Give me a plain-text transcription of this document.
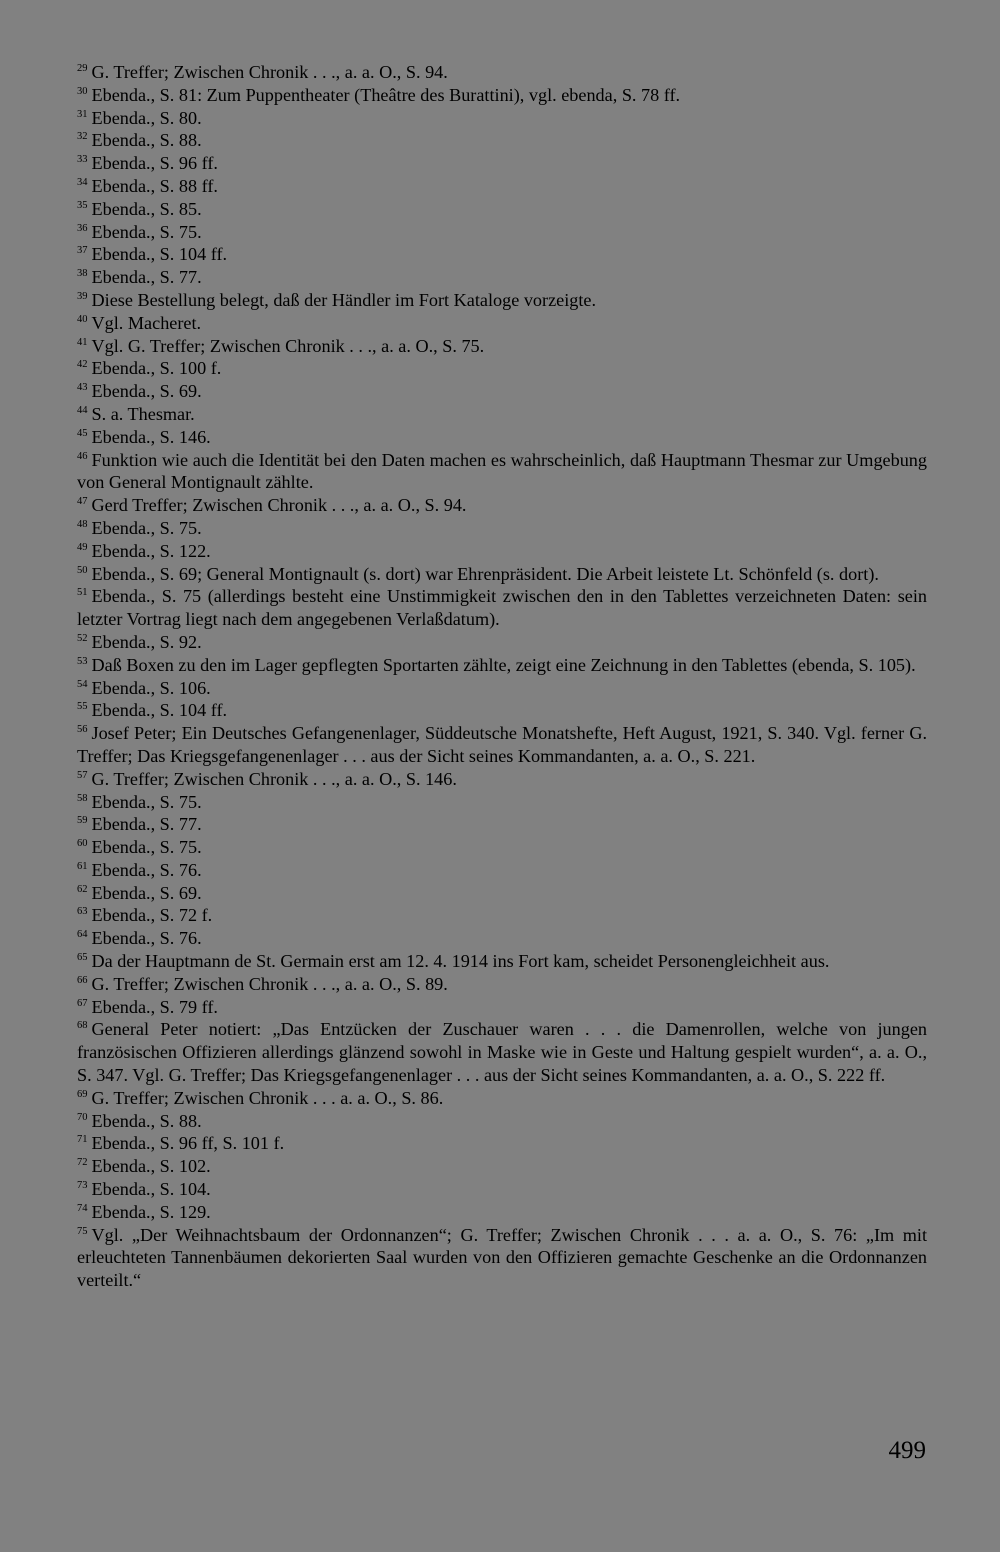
$^{29}$ G. Treffer; Zwischen Chronik . . ., a. a. O., S. 94.

$^{30}$ Ebenda., S. 81: Zum Puppentheater (Theâtre des Burattini), vgl. ebenda, S. 78 ff.

$^{31}$ Ebenda., S. 80.

$^{32}$ Ebenda., S. 88.

$^{33}$ Ebenda., S. 96 ff.

$^{34}$ Ebenda., S. 88 ff.

$^{35}$ Ebenda., S. 85.

$^{36}$ Ebenda., S. 75.

$^{37}$ Ebenda., S. 104 ff.

$^{38}$ Ebenda., S. 77.

$^{39}$ Diese Bestellung belegt, daß der Händler im Fort Kataloge vorzeigte.

$^{40}$ Vgl. Macheret.

$^{41}$ Vgl. G. Treffer; Zwischen Chronik . . ., a. a. O., S. 75.

$^{42}$ Ebenda., S. 100 f.

$^{43}$ Ebenda., S. 69.

$^{44}$ S. a. Thesmar.

$^{45}$ Ebenda., S. 146.

$^{46}$ Funktion wie auch die Identität bei den Daten machen es wahrscheinlich, daß Hauptmann Thesmar zur Umgebung von General Montignault zählte.

$^{47}$ Gerd Treffer; Zwischen Chronik . . ., a. a. O., S. 94.

$^{48}$ Ebenda., S. 75.

$^{49}$ Ebenda., S. 122.

$^{50}$ Ebenda., S. 69; General Montignault (s. dort) war Ehrenpräsident. Die Arbeit leistete Lt. Schönfeld (s. dort).

$^{51}$ Ebenda., S. 75 (allerdings besteht eine Unstimmigkeit zwischen den in den Tablettes verzeichneten Daten: sein letzter Vortrag liegt nach dem angegebenen Verlaßdatum).

$^{52}$ Ebenda., S. 92.

$^{53}$ Daß Boxen zu den im Lager gepflegten Sportarten zählte, zeigt eine Zeichnung in den Tablettes (ebenda, S. 105).

$^{54}$ Ebenda., S. 106.

$^{55}$ Ebenda., S. 104 ff.

$^{56}$ Josef Peter; Ein Deutsches Gefangenenlager, Süddeutsche Monatshefte, Heft August, 1921, S. 340. Vgl. ferner G. Treffer; Das Kriegsgefangenenlager . . . aus der Sicht seines Kommandanten, a. a. O., S. 221.

$^{57}$ G. Treffer; Zwischen Chronik . . ., a. a. O., S. 146.

$^{58}$ Ebenda., S. 75.

$^{59}$ Ebenda., S. 77.

$^{60}$ Ebenda., S. 75.

$^{61}$ Ebenda., S. 76.

$^{62}$ Ebenda., S. 69.

$^{63}$ Ebenda., S. 72 f.

$^{64}$ Ebenda., S. 76.

$^{65}$ Da der Hauptmann de St. Germain erst am 12. 4. 1914 ins Fort kam, scheidet Personengleichheit aus.

$^{66}$ G. Treffer; Zwischen Chronik . . ., a. a. O., S. 89.

$^{67}$ Ebenda., S. 79 ff.

$^{68}$ General Peter notiert: „Das Entzücken der Zuschauer waren . . . die Damenrollen, welche von jungen französischen Offizieren allerdings glänzend sowohl in Maske wie in Geste und Haltung gespielt wurden“, a. a. O., S. 347. Vgl. G. Treffer; Das Kriegsgefangenenlager . . . aus der Sicht seines Kommandanten, a. a. O., S. 222 ff.

$^{69}$ G. Treffer; Zwischen Chronik . . . a. a. O., S. 86.

$^{70}$ Ebenda., S. 88.

$^{71}$ Ebenda., S. 96 ff, S. 101 f.

$^{72}$ Ebenda., S. 102.

$^{73}$ Ebenda., S. 104.

$^{74}$ Ebenda., S. 129.

$^{75}$ Vgl. „Der Weihnachtsbaum der Ordonnanzen“; G. Treffer; Zwischen Chronik . . . a. a. O., S. 76: „Im mit erleuchteten Tannenbäumen dekorierten Saal wurden von den Offizieren gemachte Geschenke an die Ordonnanzen verteilt.“

499
